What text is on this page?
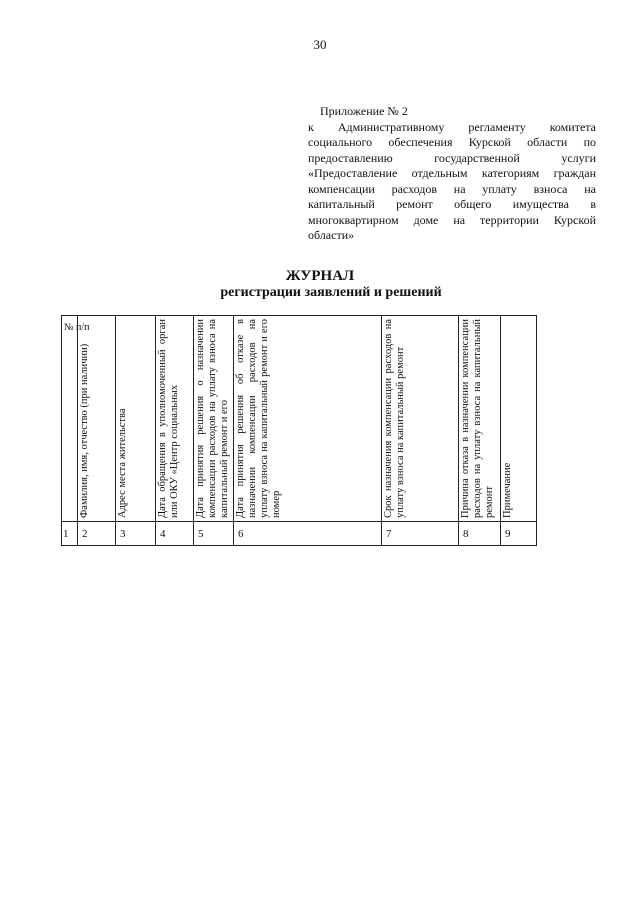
30
Приложение № 2
к Административному регламенту комитета социального обеспечения Курской области по предоставлению государственной услуги «Предоставление отдельным категориям граждан компенсации расходов на уплату взноса на капитальный ремонт общего имущества в многоквартирном доме на территории Курской области»
ЖУРНАЛ
регистрации заявлений и решений
№ п/п	Фамилия, имя, отчество (при наличии)	Адрес места жительства	Дата обращения в уполномоченный орган или ОКУ «Центр социальных	Дата принятия решения о назначении компенсации расходов на уплату взноса на капитальный ремонт и его	Дата принятия решения об отказе в назначении компенсации расходов на уплату взноса на капитальный ремонт и его номер	Срок назначения компенсации расходов на уплату взноса на капитальный ремонт	Причина отказа в назначении компенсации расходов на уплату взноса на капитальный ремонт	Примечание

1	2	3	4	5	6	7	8	9
